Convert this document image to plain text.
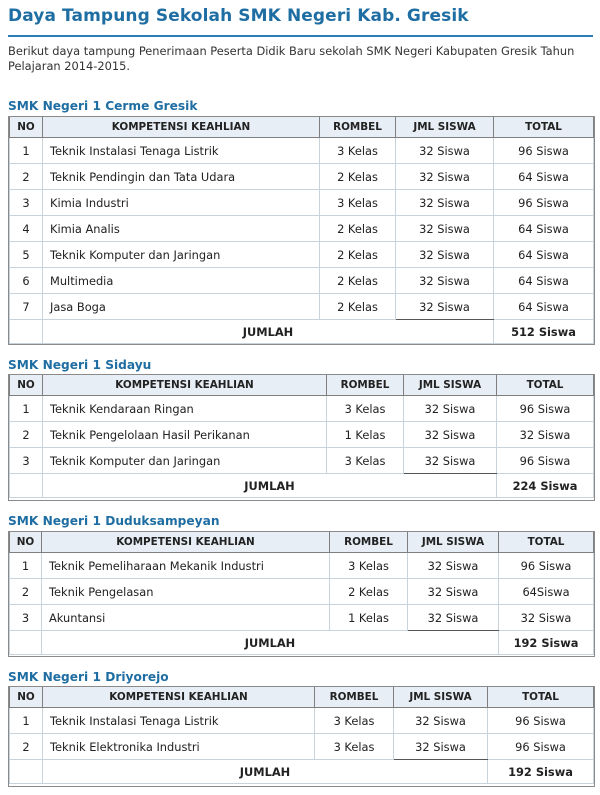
Daya Tampung Sekolah SMK Negeri Kab. Gresik
Berikut daya tampung Penerimaan Peserta Didik Baru sekolah SMK Negeri Kabupaten Gresik Tahun Pelajaran 2014-2015.
SMK Negeri 1 Cerme Gresik
NO	KOMPETENSI KEAHLIAN	ROMBEL	JML SISWA	TOTAL
1	Teknik Instalasi Tenaga Listrik	3 Kelas	32 Siswa	96 Siswa
2	Teknik Pendingin dan Tata Udara	2 Kelas	32 Siswa	64 Siswa
3	Kimia Industri	3 Kelas	32 Siswa	96 Siswa
4	Kimia Analis	2 Kelas	32 Siswa	64 Siswa
5	Teknik Komputer dan Jaringan	2 Kelas	32 Siswa	64 Siswa
6	Multimedia	2 Kelas	32 Siswa	64 Siswa
7	Jasa Boga	2 Kelas	32 Siswa	64 Siswa
	JUMLAH			512 Siswa
SMK Negeri 1 Sidayu
NO	KOMPETENSI KEAHLIAN	ROMBEL	JML SISWA	TOTAL
1	Teknik Kendaraan Ringan	3 Kelas	32 Siswa	96 Siswa
2	Teknik Pengelolaan Hasil Perikanan	1 Kelas	32 Siswa	32 Siswa
3	Teknik Komputer dan Jaringan	3 Kelas	32 Siswa	96 Siswa
	JUMLAH			224 Siswa
SMK Negeri 1 Duduksampeyan
NO	KOMPETENSI KEAHLIAN	ROMBEL	JML SISWA	TOTAL
1	Teknik Pemeliharaan Mekanik Industri	3 Kelas	32 Siswa	96 Siswa
2	Teknik Pengelasan	2 Kelas	32 Siswa	64Siswa
3	Akuntansi	1 Kelas	32 Siswa	32 Siswa
	JUMLAH			192 Siswa
SMK Negeri 1 Driyorejo
NO	KOMPETENSI KEAHLIAN	ROMBEL	JML SISWA	TOTAL
1	Teknik Instalasi Tenaga Listrik	3 Kelas	32 Siswa	96 Siswa
2	Teknik Elektronika Industri	3 Kelas	32 Siswa	96 Siswa
	JUMLAH			192 Siswa
